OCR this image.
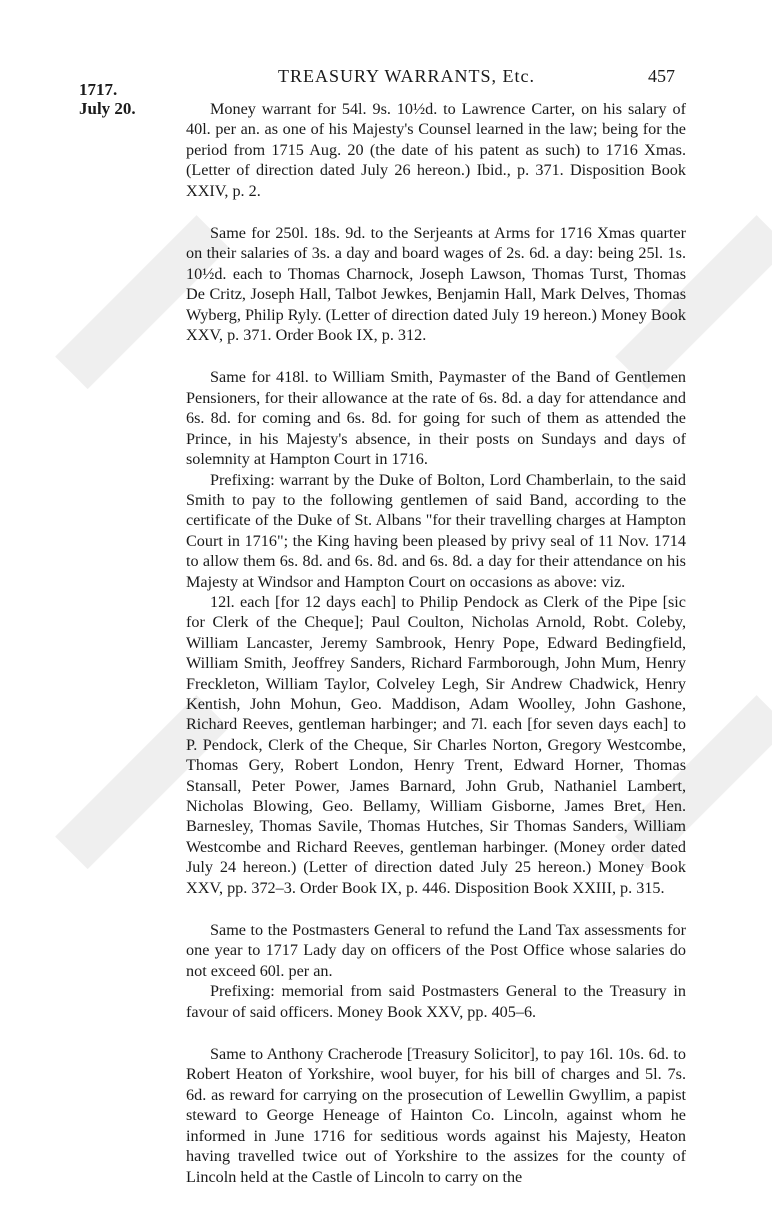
TREASURY WARRANTS, Etc.	457
1717.
July 20.	Money warrant for 54l. 9s. 10½d. to Lawrence Carter, on his salary of 40l. per an. as one of his Majesty's Counsel learned in the law; being for the period from 1715 Aug. 20 (the date of his patent as such) to 1716 Xmas. (Letter of direction dated July 26 hereon.) Ibid., p. 371. Disposition Book XXIV, p. 2.
Same for 250l. 18s. 9d. to the Serjeants at Arms for 1716 Xmas quarter on their salaries of 3s. a day and board wages of 2s. 6d. a day: being 25l. 1s. 10½d. each to Thomas Charnock, Joseph Lawson, Thomas Turst, Thomas De Critz, Joseph Hall, Talbot Jewkes, Benjamin Hall, Mark Delves, Thomas Wyberg, Philip Ryly. (Letter of direction dated July 19 hereon.) Money Book XXV, p. 371. Order Book IX, p. 312.
Same for 418l. to William Smith, Paymaster of the Band of Gentlemen Pensioners, for their allowance at the rate of 6s. 8d. a day for attendance and 6s. 8d. for coming and 6s. 8d. for going for such of them as attended the Prince, in his Majesty's absence, in their posts on Sundays and days of solemnity at Hampton Court in 1716.
Prefixing: warrant by the Duke of Bolton, Lord Chamberlain, to the said Smith to pay to the following gentlemen of said Band, according to the certificate of the Duke of St. Albans "for their travelling charges at Hampton Court in 1716"; the King having been pleased by privy seal of 11 Nov. 1714 to allow them 6s. 8d. and 6s. 8d. and 6s. 8d. a day for their attendance on his Majesty at Windsor and Hampton Court on occasions as above: viz.
12l. each [for 12 days each] to Philip Pendock as Clerk of the Pipe [sic for Clerk of the Cheque]; Paul Coulton, Nicholas Arnold, Robt. Coleby, William Lancaster, Jeremy Sambrook, Henry Pope, Edward Bedingfield, William Smith, Jeoffrey Sanders, Richard Farmborough, John Mum, Henry Freckleton, William Taylor, Colveley Legh, Sir Andrew Chadwick, Henry Kentish, John Mohun, Geo. Maddison, Adam Woolley, John Gashone, Richard Reeves, gentleman harbinger; and 7l. each [for seven days each] to P. Pendock, Clerk of the Cheque, Sir Charles Norton, Gregory Westcombe, Thomas Gery, Robert London, Henry Trent, Edward Horner, Thomas Stansall, Peter Power, James Barnard, John Grub, Nathaniel Lambert, Nicholas Blowing, Geo. Bellamy, William Gisborne, James Bret, Hen. Barnesley, Thomas Savile, Thomas Hutches, Sir Thomas Sanders, William Westcombe and Richard Reeves, gentleman harbinger. (Money order dated July 24 hereon.) (Letter of direction dated July 25 hereon.) Money Book XXV, pp. 372–3. Order Book IX, p. 446. Disposition Book XXIII, p. 315.
Same to the Postmasters General to refund the Land Tax assessments for one year to 1717 Lady day on officers of the Post Office whose salaries do not exceed 60l. per an.
Prefixing: memorial from said Postmasters General to the Treasury in favour of said officers. Money Book XXV, pp. 405–6.
Same to Anthony Cracherode [Treasury Solicitor], to pay 16l. 10s. 6d. to Robert Heaton of Yorkshire, wool buyer, for his bill of charges and 5l. 7s. 6d. as reward for carrying on the prosecution of Lewellin Gwyllim, a papist steward to George Heneage of Hainton Co. Lincoln, against whom he informed in June 1716 for seditious words against his Majesty, Heaton having travelled twice out of Yorkshire to the assizes for the county of Lincoln held at the Castle of Lincoln to carry on the
